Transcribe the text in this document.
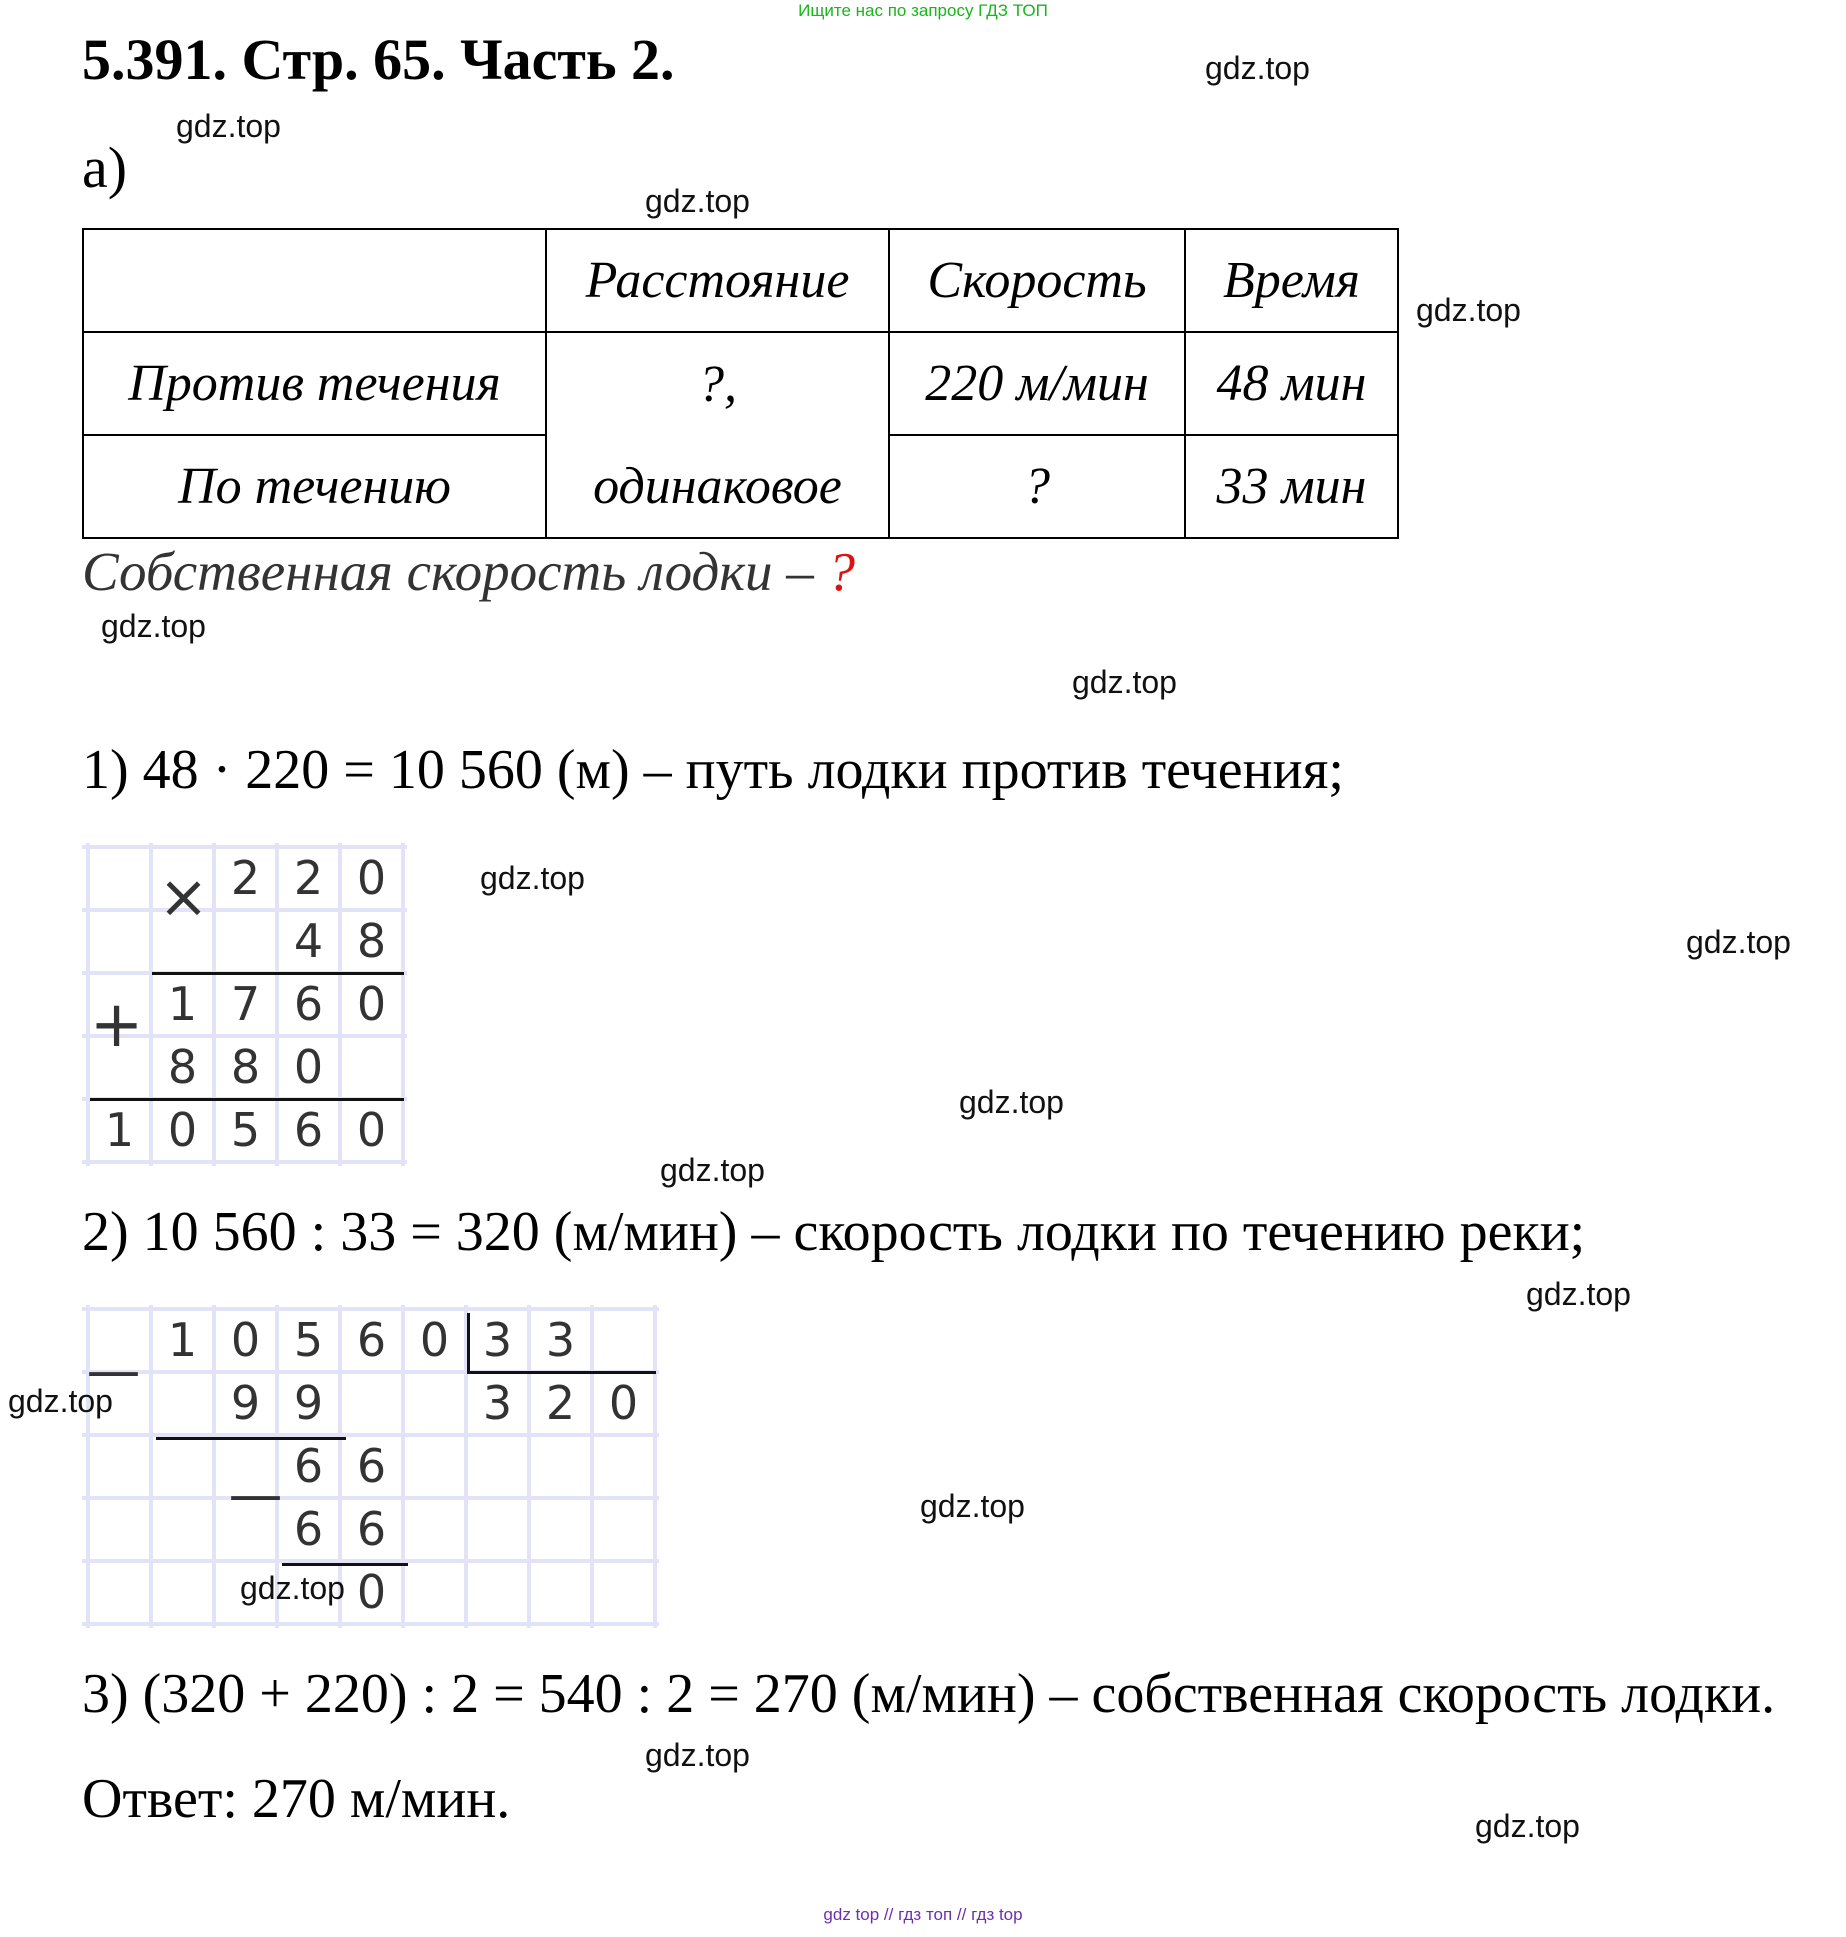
Ищите нас по запросу ГДЗ ТОП
5.391. Стр. 65. Часть 2.
а)
	Расстояние	Скорость	Время
Против течения	?,	220 м/мин	48 мин
По течению	одинаковое	?	33 мин
Собственная скорость лодки – ?
1) 48 · 220 = 10 560 (м) – путь лодки против течения;
×
+
2 2 0
4 8
1 7 6 0
8 8 0
1 0 5 6 0
2) 10 560 : 33 = 320 (м/мин) – скорость лодки по течению реки;
—
—
1 0 5 6 0 3 3
9 9	3 2 0
6 6
6 6
0
3) (320 + 220) : 2 = 540 : 2 = 270 (м/мин) – собственная скорость лодки.
Ответ: 270 м/мин.
gdz.top
gdz.top
gdz.top
gdz.top
gdz.top
gdz.top
gdz.top
gdz.top
gdz.top
gdz.top
gdz.top
gdz.top
gdz.top
gdz.top
gdz.top
gdz.top
gdz top // гдз топ // гдз top
